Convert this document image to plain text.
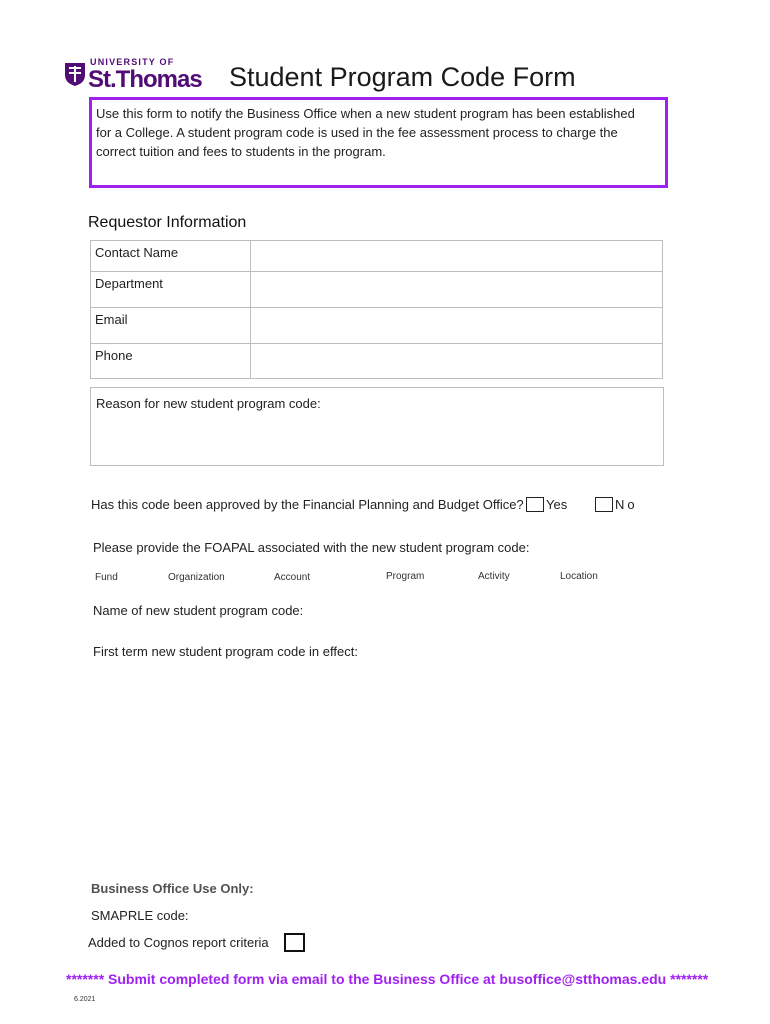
UNIVERSITY OF
St.Thomas Student Program Code Form
Use this form to notify the Business Office when a new student program has been established for a College. A student program code is used in the fee assessment process to charge the correct tuition and fees to students in the program.
Requestor Information
Contact Name	
Department	
Email	
Phone	
Reason for new student program code:
Has this code been approved by the Financial Planning and Budget Office? Yes	No
Please provide the FOAPAL associated with the new student program code:
Fund	Organization	Account	Program	Activity	Location
Name of new student program code:
First term new student program code in effect:
Business Office Use Only:
SMAPRLE code:
Added to Cognos report criteria
******* Submit completed form via email to the Business Office at busoffice@stthomas.edu *******
6.2021
